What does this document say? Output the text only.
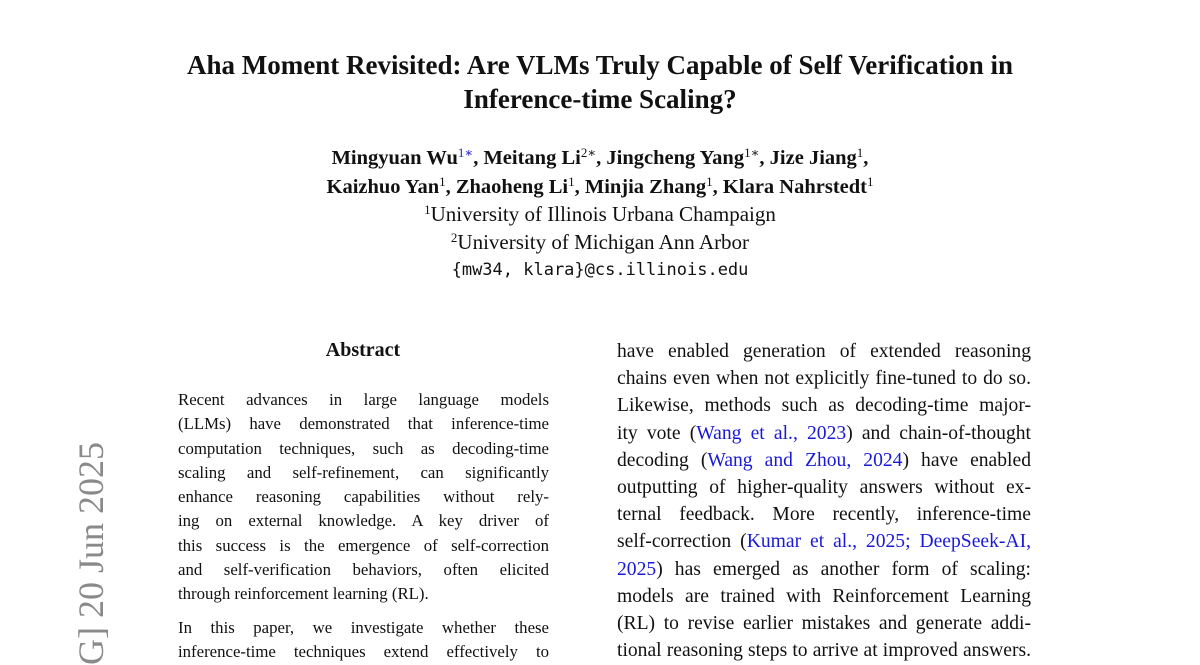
G] 20 Jun 2025
Aha Moment Revisited: Are VLMs Truly Capable of Self Verification in
Inference-time Scaling?
Mingyuan $Wu^{1∗}$, Meitang $Li^{2∗}$, Jingcheng Yang$^{1∗}$, Jize Jiang$^1$,
Kaizhuo Yan$^1$, Zhaoheng Li$^1$, Minjia Zhang$^1$, Klara Nahrstedt$^1$
$^1$University of Illinois Urbana Champaign
$^2$University of Michigan Ann Arbor
{mw34, klara}@cs.illinois.edu
Abstract
Recent advances in large language models
(LLMs) have demonstrated that inference-time
computation techniques, such as decoding-time
scaling and self-refinement, can significantly
enhance reasoning capabilities without rely-
ing on external knowledge. A key driver of
this success is the emergence of self-correction
and self-verification behaviors, often elicited
through reinforcement learning (RL).
In this paper, we investigate whether these
inference-time techniques extend effectively to
have enabled generation of extended reasoning
chains even when not explicitly fine-tuned to do so.
Likewise, methods such as decoding-time major-
ity vote (Wang et al., 2023) and chain-of-thought
decoding (Wang and Zhou, 2024) have enabled
outputting of higher-quality answers without ex-
ternal feedback. More recently, inference-time
self-correction (Kumar et al., 2025; DeepSeek-AI,
2025) has emerged as another form of scaling:
models are trained with Reinforcement Learning
(RL) to revise earlier mistakes and generate addi-
tional reasoning steps to arrive at improved answers.
